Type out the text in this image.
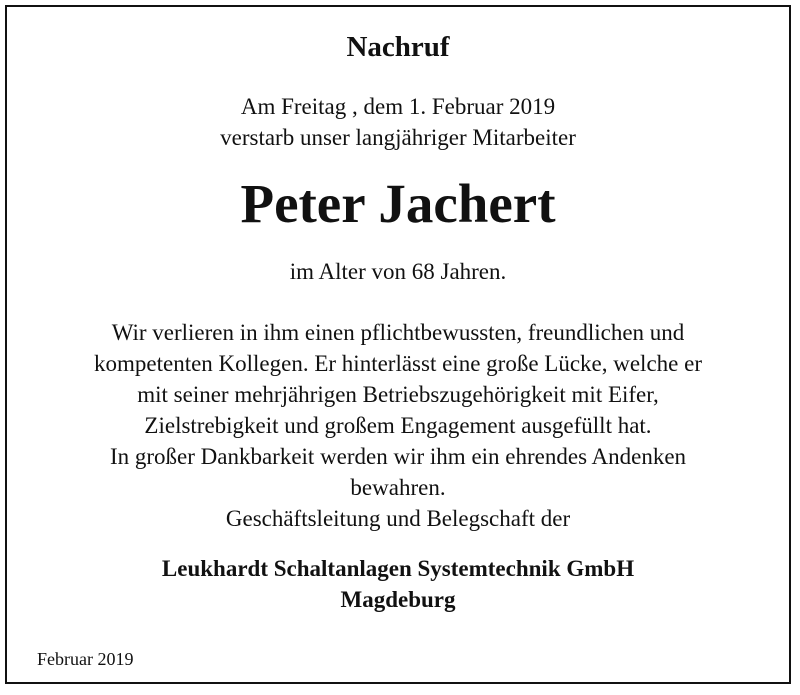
Nachruf
Am Freitag , dem 1. Februar 2019
verstarb unser langjähriger Mitarbeiter
Peter Jachert
im Alter von 68 Jahren.
Wir verlieren in ihm einen pflichtbewussten, freundlichen und
kompetenten Kollegen. Er hinterlässt eine große Lücke, welche er
mit seiner mehrjährigen Betriebszugehörigkeit mit Eifer,
Zielstrebigkeit und großem Engagement ausgefüllt hat.
In großer Dankbarkeit werden wir ihm ein ehrendes Andenken
bewahren.
Geschäftsleitung und Belegschaft der
Leukhardt Schaltanlagen Systemtechnik GmbH
Magdeburg
Februar 2019
